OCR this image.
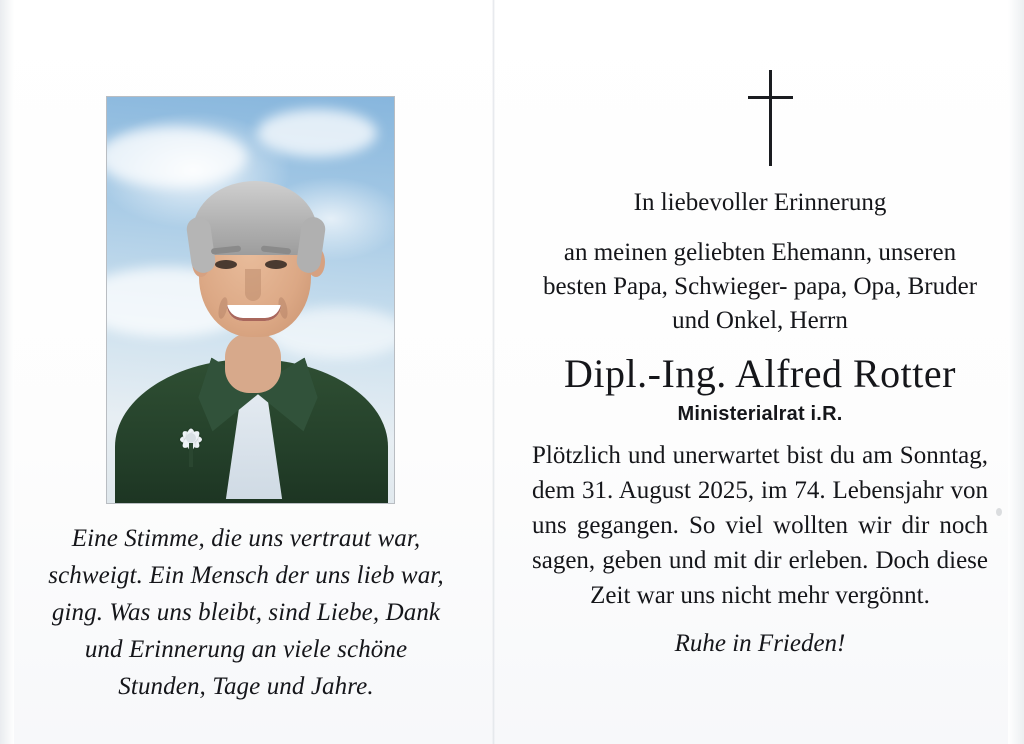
Eine Stimme, die uns vertraut war, schweigt. Ein Mensch der uns lieb war, ging. Was uns bleibt, sind Liebe, Dank und Erinnerung an viele schöne Stunden, Tage und Jahre.
In liebevoller Erinnerung
an meinen geliebten Ehemann, unseren besten Papa, Schwieger- papa, Opa, Bruder und Onkel, Herrn
Dipl.-Ing. Alfred Rotter
Ministerialrat i.R.
Plötzlich und unerwartet bist du am Sonntag, dem 31. August 2025, im 74. Lebensjahr von uns gegangen. So viel wollten wir dir noch sagen, geben und mit dir erleben. Doch diese Zeit war uns nicht mehr vergönnt.
Ruhe in Frieden!
